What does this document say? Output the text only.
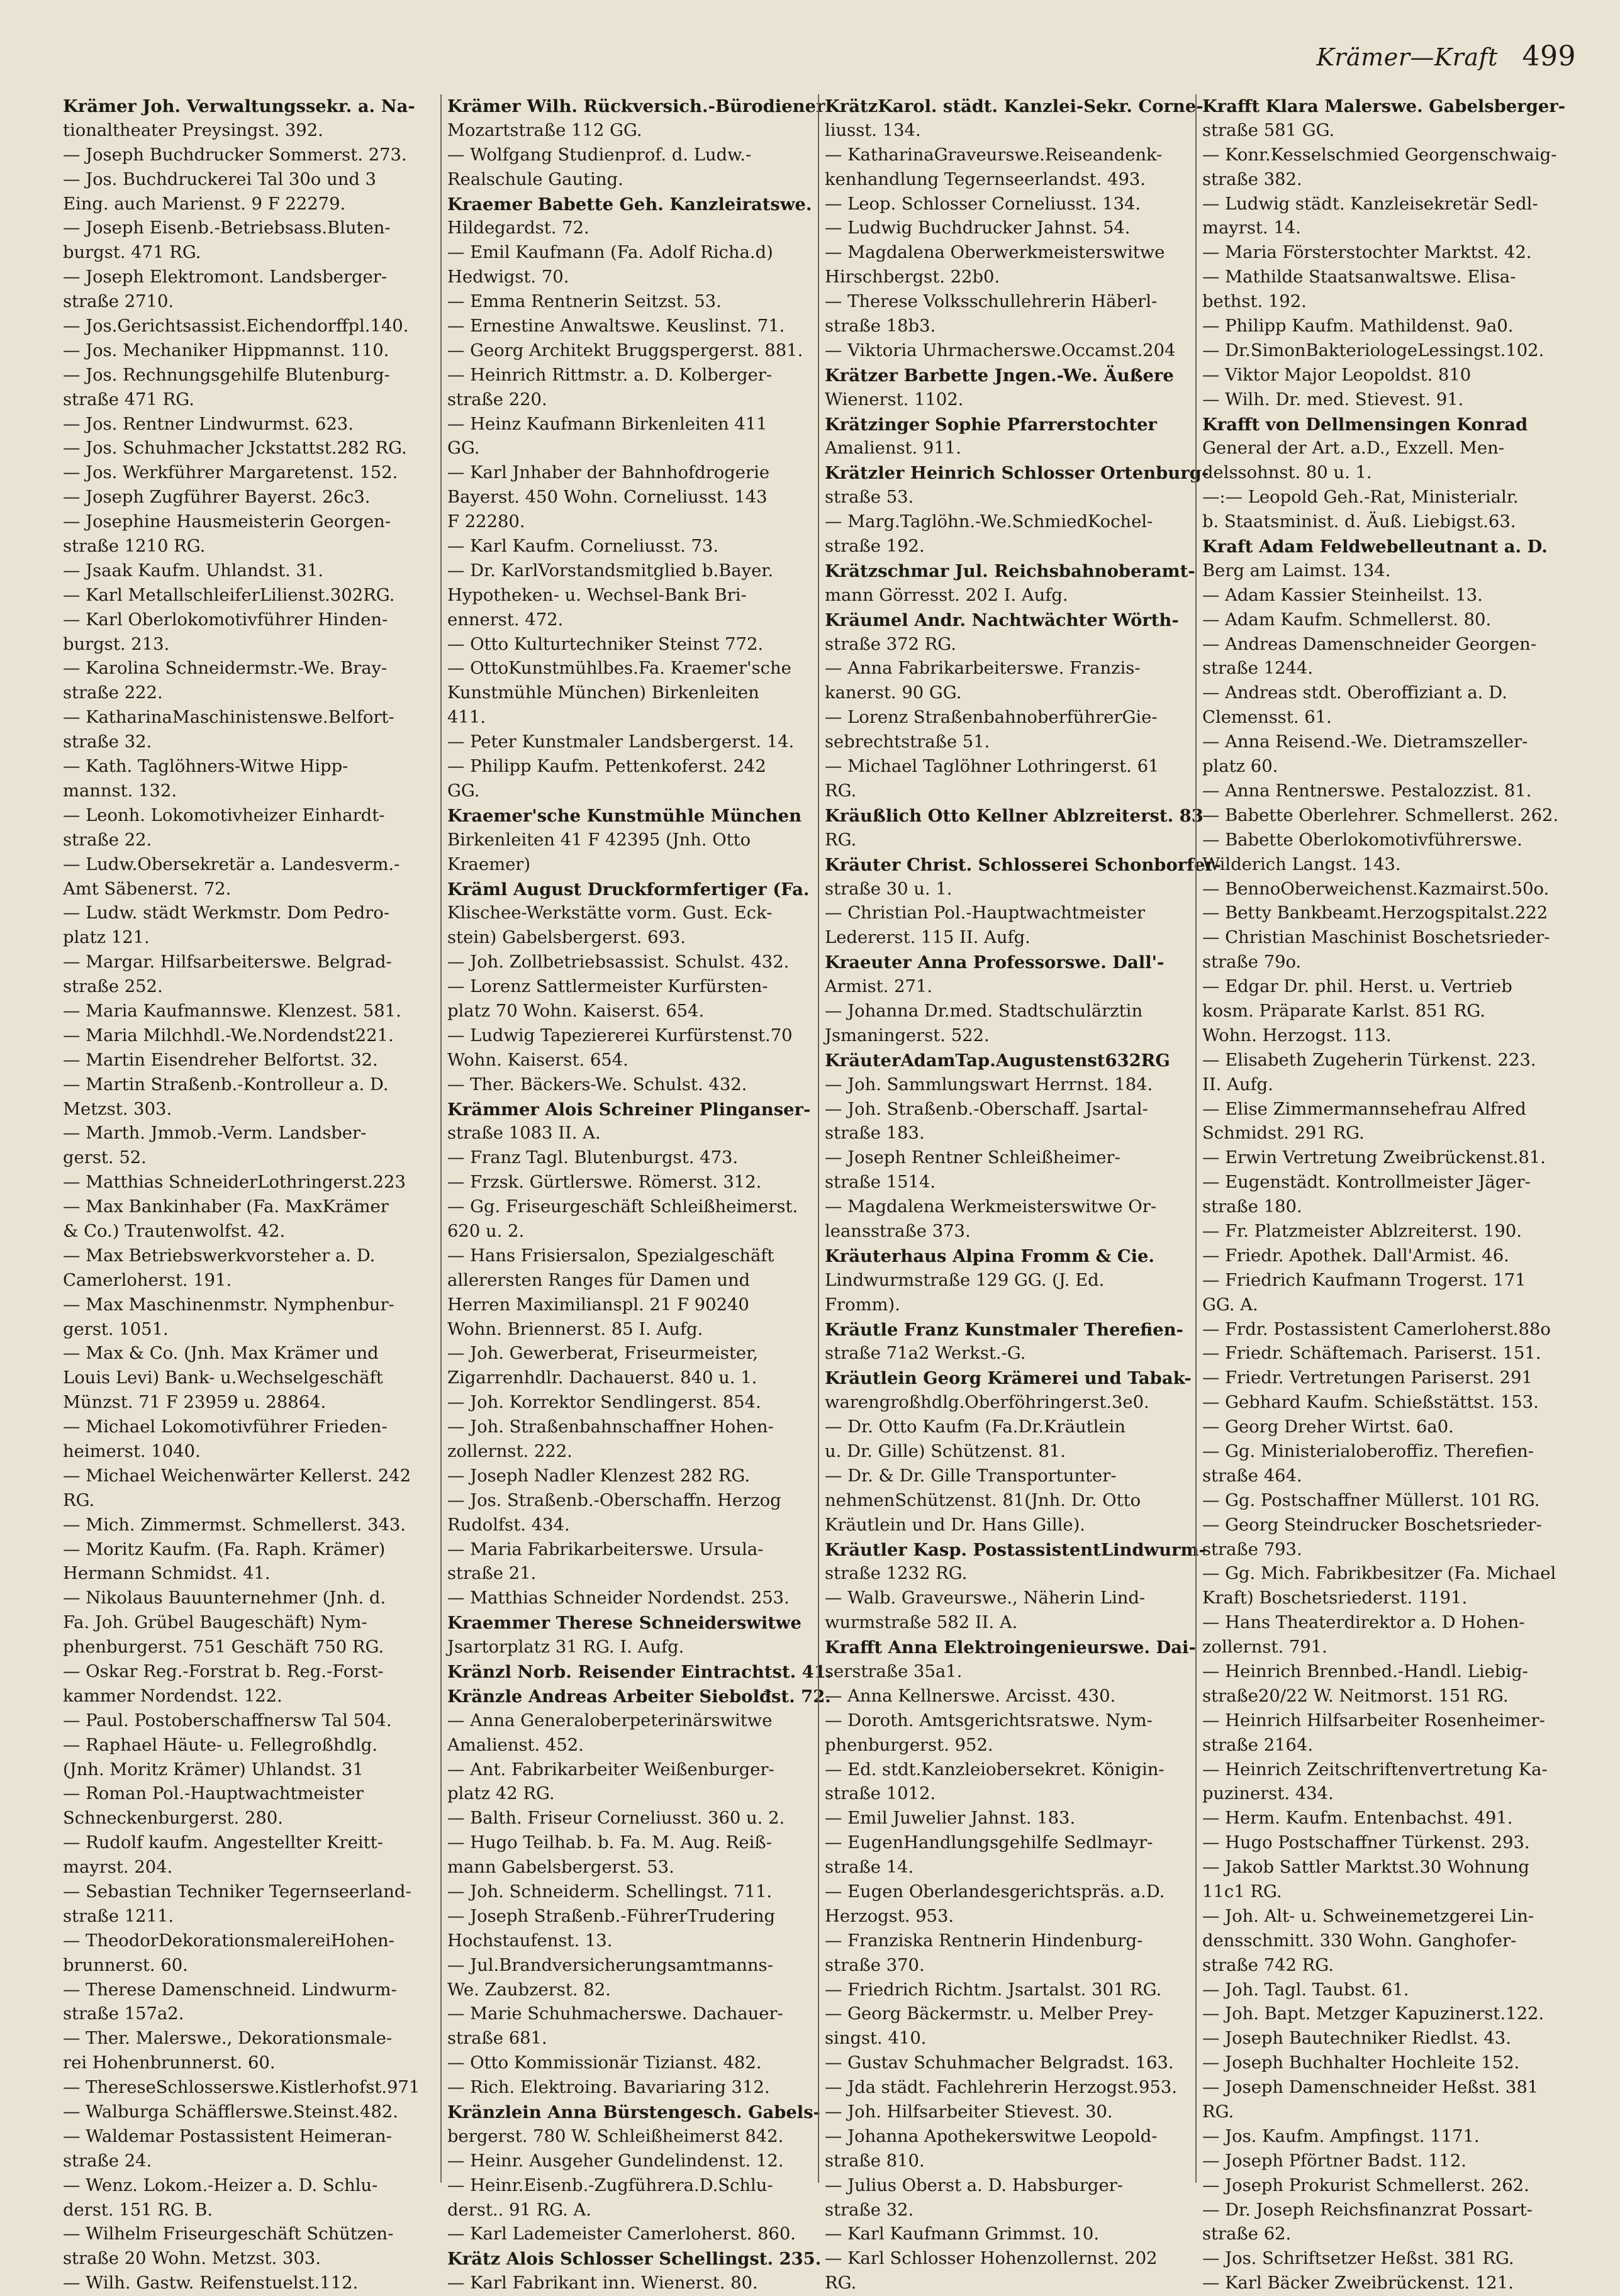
Krämer—Kraft 499
Krämer Joh. Verwaltungssekr. a. Na-
tionaltheater Preysingst. 392.
— Joseph Buchdrucker Sommerst. 273.
— Jos. Buchdruckerei Tal 30o und 3
Eing. auch Marienst. 9 F 22279.
— Joseph Eisenb.-Betriebsass.Bluten-
burgst. 471 RG.
— Joseph Elektromont. Landsberger-
straße 2710.
— Jos.Gerichtsassist.Eichendorffpl.140.
— Jos. Mechaniker Hippmannst. 110.
— Jos. Rechnungsgehilfe Blutenburg-
straße 471 RG.
— Jos. Rentner Lindwurmst. 623.
— Jos. Schuhmacher Jckstattst.282 RG.
— Jos. Werkführer Margaretenst. 152.
— Joseph Zugführer Bayerst. 26c3.
— Josephine Hausmeisterin Georgen-
straße 1210 RG.
— Jsaak Kaufm. Uhlandst. 31.
— Karl MetallschleiferLilienst.302RG.
— Karl Oberlokomotivführer Hinden-
burgst. 213.
— Karolina Schneidermstr.-We. Bray-
straße 222.
— KatharinaMaschinistenswe.Belfort-
straße 32.
— Kath. Taglöhners-Witwe Hipp-
mannst. 132.
— Leonh. Lokomotivheizer Einhardt-
straße 22.
— Ludw.Obersekretär a. Landesverm.-
Amt Säbenerst. 72.
— Ludw. städt Werkmstr. Dom Pedro-
platz 121.
— Margar. Hilfsarbeiterswe. Belgrad-
straße 252.
— Maria Kaufmannswe. Klenzest. 581.
— Maria Milchhdl.-We.Nordendst221.
— Martin Eisendreher Belfortst. 32.
— Martin Straßenb.-Kontrolleur a. D.
Metzst. 303.
— Marth. Jmmob.-Verm. Landsber-
gerst. 52.
— Matthias SchneiderLothringerst.223
— Max Bankinhaber (Fa. MaxKrämer
& Co.) Trautenwolfst. 42.
— Max Betriebswerkvorsteher a. D.
Camerloherst. 191.
— Max Maschinenmstr. Nymphenbur-
gerst. 1051.
— Max & Co. (Jnh. Max Krämer und
Louis Levi) Bank- u.Wechselgeschäft
Münzst. 71 F 23959 u. 28864.
— Michael Lokomotivführer Frieden-
heimerst. 1040.
— Michael Weichenwärter Kellerst. 242
RG.
— Mich. Zimmermst. Schmellerst. 343.
— Moritz Kaufm. (Fa. Raph. Krämer)
Hermann Schmidst. 41.
— Nikolaus Bauunternehmer (Jnh. d.
Fa. Joh. Grübel Baugeschäft) Nym-
phenburgerst. 751 Geschäft 750 RG.
— Oskar Reg.-Forstrat b. Reg.-Forst-
kammer Nordendst. 122.
— Paul. Postoberschaffnersw Tal 504.
— Raphael Häute- u. Fellegroßhdlg.
(Jnh. Moritz Krämer) Uhlandst. 31
— Roman Pol.-Hauptwachtmeister
Schneckenburgerst. 280.
— Rudolf kaufm. Angestellter Kreitt-
mayrst. 204.
— Sebastian Techniker Tegernseerland-
straße 1211.
— TheodorDekorationsmalereiHohen-
brunnerst. 60.
— Therese Damenschneid. Lindwurm-
straße 157a2.
— Ther. Malerswe., Dekorationsmale-
rei Hohenbrunnerst. 60.
— ThereseSchlosserswe.Kistlerhofst.971
— Walburga Schäfflerswe.Steinst.482.
— Waldemar Postassistent Heimeran-
straße 24.
— Wenz. Lokom.-Heizer a. D. Schlu-
derst. 151 RG. B.
— Wilhelm Friseurgeschäft Schützen-
straße 20 Wohn. Metzst. 303.
— Wilh. Gastw. Reifenstuelst.112.
Krämer Wilh. Rückversich.-Bürodiener
Mozartstraße 112 GG.
— Wolfgang Studienprof. d. Ludw.-
Realschule Gauting.
Kraemer Babette Geh. Kanzleiratswe.
Hildegardst. 72.
— Emil Kaufmann (Fa. Adolf Richa.d)
Hedwigst. 70.
— Emma Rentnerin Seitzst. 53.
— Ernestine Anwaltswe. Keuslinst. 71.
— Georg Architekt Bruggspergerst. 881.
— Heinrich Rittmstr. a. D. Kolberger-
straße 220.
— Heinz Kaufmann Birkenleiten 411
GG.
— Karl Jnhaber der Bahnhofdrogerie
Bayerst. 450 Wohn. Corneliusst. 143
F 22280.
— Karl Kaufm. Corneliusst. 73.
— Dr. KarlVorstandsmitglied b.Bayer.
Hypotheken- u. Wechsel-Bank Bri-
ennerst. 472.
— Otto Kulturtechniker Steinst 772.
— OttoKunstmühlbes.Fa. Kraemer'sche
Kunstmühle München) Birkenleiten
411.
— Peter Kunstmaler Landsbergerst. 14.
— Philipp Kaufm. Pettenkoferst. 242
GG.
Kraemer'sche Kunstmühle München
Birkenleiten 41 F 42395 (Jnh. Otto
Kraemer)
Kräml August Druckformfertiger (Fa.
Klischee-Werkstätte vorm. Gust. Eck-
stein) Gabelsbergerst. 693.
— Joh. Zollbetriebsassist. Schulst. 432.
— Lorenz Sattlermeister Kurfürsten-
platz 70 Wohn. Kaiserst. 654.
— Ludwig Tapeziererei Kurfürstenst.70
Wohn. Kaiserst. 654.
— Ther. Bäckers-We. Schulst. 432.
Krämmer Alois Schreiner Plinganser-
straße 1083 II. A.
— Franz Tagl. Blutenburgst. 473.
— Frzsk. Gürtlerswe. Römerst. 312.
— Gg. Friseurgeschäft Schleißheimerst.
620 u. 2.
— Hans Frisiersalon, Spezialgeschäft
allerersten Ranges für Damen und
Herren Maximilianspl. 21 F 90240
Wohn. Briennerst. 85 I. Aufg.
— Joh. Gewerberat, Friseurmeister,
Zigarrenhdlr. Dachauerst. 840 u. 1.
— Joh. Korrektor Sendlingerst. 854.
— Joh. Straßenbahnschaffner Hohen-
zollernst. 222.
— Joseph Nadler Klenzest 282 RG.
— Jos. Straßenb.-Oberschaffn. Herzog
Rudolfst. 434.
— Maria Fabrikarbeiterswe. Ursula-
straße 21.
— Matthias Schneider Nordendst. 253.
Kraemmer Therese Schneiderswitwe
Jsartorplatz 31 RG. I. Aufg.
Kränzl Norb. Reisender Eintrachtst. 41.
Kränzle Andreas Arbeiter Siebolđst. 72.
— Anna Generaloberpeterinärswitwe
Amalienst. 452.
— Ant. Fabrikarbeiter Weißenburger-
platz 42 RG.
— Balth. Friseur Corneliusst. 360 u. 2.
— Hugo Teilhab. b. Fa. M. Aug. Reiß-
mann Gabelsbergerst. 53.
— Joh. Schneiderm. Schellingst. 711.
— Joseph Straßenb.-FührerTrudering
Hochstaufenst. 13.
— Jul.Brandversicherungsamtmanns-
We. Zaubzerst. 82.
— Marie Schuhmacherswe. Dachauer-
straße 681.
— Otto Kommissionär Tizianst. 482.
— Rich. Elektroing. Bavariaring 312.
Kränzlein Anna Bürstengesch. Gabels-
bergerst. 780 W. Schleißheimerst 842.
— Heinr. Ausgeher Gundelindenst. 12.
— Heinr.Eisenb.-Zugführera.D.Schlu-
derst.. 91 RG. A.
— Karl Lademeister Camerloherst. 860.
Krätz Alois Schlosser Schellingst. 235.
— Karl Fabrikant inn. Wienerst. 80.
KrätzKarol. städt. Kanzlei-Sekr. Corne-
liusst. 134.
— KatharinaGraveurswe.Reiseandenk-
kenhandlung Tegernseerlandst. 493.
— Leop. Schlosser Corneliusst. 134.
— Ludwig Buchdrucker Jahnst. 54.
— Magdalena Oberwerkmeisterswitwe
Hirschbergst. 22b0.
— Therese Volksschullehrerin Häberl-
straße 18b3.
— Viktoria Uhrmacherswe.Occamst.204
Krätzer Barbette Jngen.-We. Äußere
Wienerst. 1102.
Krätzinger Sophie Pfarrerstochter
Amalienst. 911.
Krätzler Heinrich Schlosser Ortenburg-
straße 53.
— Marg.Taglöhn.-We.SchmiedKochel-
straße 192.
Krätzschmar Jul. Reichsbahnoberamt-
mann Görresst. 202 I. Aufg.
Kräumel Andr. Nachtwächter Wörth-
straße 372 RG.
— Anna Fabrikarbeiterswe. Franzis-
kanerst. 90 GG.
— Lorenz StraßenbahnoberführerGie-
sebrechtstraße 51.
— Michael Taglöhner Lothringerst. 61
RG.
Kräußlich Otto Kellner Ablzreiterst. 83
RG.
Kräuter Christ. Schlosserei Schonborfer-
straße 30 u. 1.
— Christian Pol.-Hauptwachtmeister
Ledererst. 115 II. Aufg.
Kraeuter Anna Professorswe. Dall'-
Armist. 271.
— Johanna Dr.med. Stadtschulärztin
Jsmaningerst. 522.
KräuterAdamTap.Augustenst632RG
— Joh. Sammlungswart Herrnst. 184.
— Joh. Straßenb.-Oberschaff. Jsartal-
straße 183.
— Joseph Rentner Schleißheimer-
straße 1514.
— Magdalena Werkmeisterswitwe Or-
leansstraße 373.
Kräuterhaus Alpina Fromm & Cie.
Lindwurmstraße 129 GG. (J. Ed.
Fromm).
Kräutle Franz Kunstmaler Therefien-
straße 71a2 Werkst.-G.
Kräutlein Georg Krämerei und Tabak-
warengroßhdlg.Oberföhringerst.3e0.
— Dr. Otto Kaufm (Fa.Dr.Kräutlein
u. Dr. Gille) Schützenst. 81.
— Dr. & Dr. Gille Transportunter-
nehmenSchützenst. 81(Jnh. Dr. Otto
Kräutlein und Dr. Hans Gille).
Kräutler Kasp. PostassistentLindwurm-
straße 1232 RG.
— Walb. Graveurswe., Näherin Lind-
wurmstraße 582 II. A.
Krafft Anna Elektroingenieurswe. Dai-
serstraße 35a1.
— Anna Kellnerswe. Arcisst. 430.
— Doroth. Amtsgerichtsratswe. Nym-
phenburgerst. 952.
— Ed. stdt.Kanzleiobersekret. Königin-
straße 1012.
— Emil Juwelier Jahnst. 183.
— EugenHandlungsgehilfe Sedlmayr-
straße 14.
— Eugen Oberlandesgerichtspräs. a.D.
Herzogst. 953.
— Franziska Rentnerin Hindenburg-
straße 370.
— Friedrich Richtm. Jsartalst. 301 RG.
— Georg Bäckermstr. u. Melber Prey-
singst. 410.
— Gustav Schuhmacher Belgradst. 163.
— Jda städt. Fachlehrerin Herzogst.953.
— Joh. Hilfsarbeiter Stievest. 30.
— Johanna Apothekerswitwe Leopold-
straße 810.
— Julius Oberst a. D. Habsburger-
straße 32.
— Karl Kaufmann Grimmst. 10.
— Karl Schlosser Hohenzollernst. 202
RG.
Krafft Klara Malerswe. Gabelsberger-
straße 581 GG.
— Konr.Kesselschmied Georgenschwaig-
straße 382.
— Ludwig städt. Kanzleisekretär Sedl-
mayrst. 14.
— Maria Försterstochter Marktst. 42.
— Mathilde Staatsanwaltswe. Elisa-
bethst. 192.
— Philipp Kaufm. Mathildenst. 9a0.
— Dr.SimonBakteriologeLessingst.102.
— Viktor Major Leopoldst. 810
— Wilh. Dr. med. Stievest. 91.
Krafft von Dellmensingen Konrad
General der Art. a.D., Exzell. Men-
delssohnst. 80 u. 1.
—:— Leopold Geh.-Rat, Ministerialr.
b. Staatsminist. d. Äuß. Liebigst.63.
Kraft Adam Feldwebelleutnant a. D.
Berg am Laimst. 134.
— Adam Kassier Steinheilst. 13.
— Adam Kaufm. Schmellerst. 80.
— Andreas Damenschneider Georgen-
straße 1244.
— Andreas stdt. Oberoffiziant a. D.
Clemensst. 61.
— Anna Reisend.-We. Dietramszeller-
platz 60.
— Anna Rentnerswe. Pestalozzist. 81.
— Babette Oberlehrer. Schmellerst. 262.
— Babette Oberlokomotivführerswe.
Wilderich Langst. 143.
— BennoOberweichenst.Kazmairst.50o.
— Betty Bankbeamt.Herzogspitalst.222
— Christian Maschinist Boschetsrieder-
straße 79o.
— Edgar Dr. phil. Herst. u. Vertrieb
kosm. Präparate Karlst. 851 RG.
Wohn. Herzogst. 113.
— Elisabeth Zugeherin Türkenst. 223.
II. Aufg.
— Elise Zimmermannsehefrau Alfred
Schmidst. 291 RG.
— Erwin Vertretung Zweibrückenst.81.
— Eugenstädt. Kontrollmeister Jäger-
straße 180.
— Fr. Platzmeister Ablzreiterst. 190.
— Friedr. Apothek. Dall'Armist. 46.
— Friedrich Kaufmann Trogerst. 171
GG. A.
— Frdr. Postassistent Camerloherst.88o
— Friedr. Schäftemach. Pariserst. 151.
— Friedr. Vertretungen Pariserst. 291
— Gebhard Kaufm. Schießstättst. 153.
— Georg Dreher Wirtst. 6a0.
— Gg. Ministerialoberoffiz. Therefien-
straße 464.
— Gg. Postschaffner Müllerst. 101 RG.
— Georg Steindrucker Boschetsrieder-
straße 793.
— Gg. Mich. Fabrikbesitzer (Fa. Michael
Kraft) Boschetsriederst. 1191.
— Hans Theaterdirektor a. D Hohen-
zollernst. 791.
— Heinrich Brennbed.-Handl. Liebig-
straße20/22 W. Neitmorst. 151 RG.
— Heinrich Hilfsarbeiter Rosenheimer-
straße 2164.
— Heinrich Zeitschriftenvertretung Ka-
puzinerst. 434.
— Herm. Kaufm. Entenbachst. 491.
— Hugo Postschaffner Türkenst. 293.
— Jakob Sattler Marktst.30 Wohnung
11c1 RG.
— Joh. Alt- u. Schweinemetzgerei Lin-
densschmitt. 330 Wohn. Ganghofer-
straße 742 RG.
— Joh. Tagl. Taubst. 61.
— Joh. Bapt. Metzger Kapuzinerst.122.
— Joseph Bautechniker Riedlst. 43.
— Joseph Buchhalter Hochleite 152.
— Joseph Damenschneider Heßst. 381
RG.
— Jos. Kaufm. Ampfingst. 1171.
— Joseph Pförtner Badst. 112.
— Joseph Prokurist Schmellerst. 262.
— Dr. Joseph Reichsfinanzrat Possart-
straße 62.
— Jos. Schriftsetzer Heßst. 381 RG.
— Karl Bäcker Zweibrückenst. 121.
